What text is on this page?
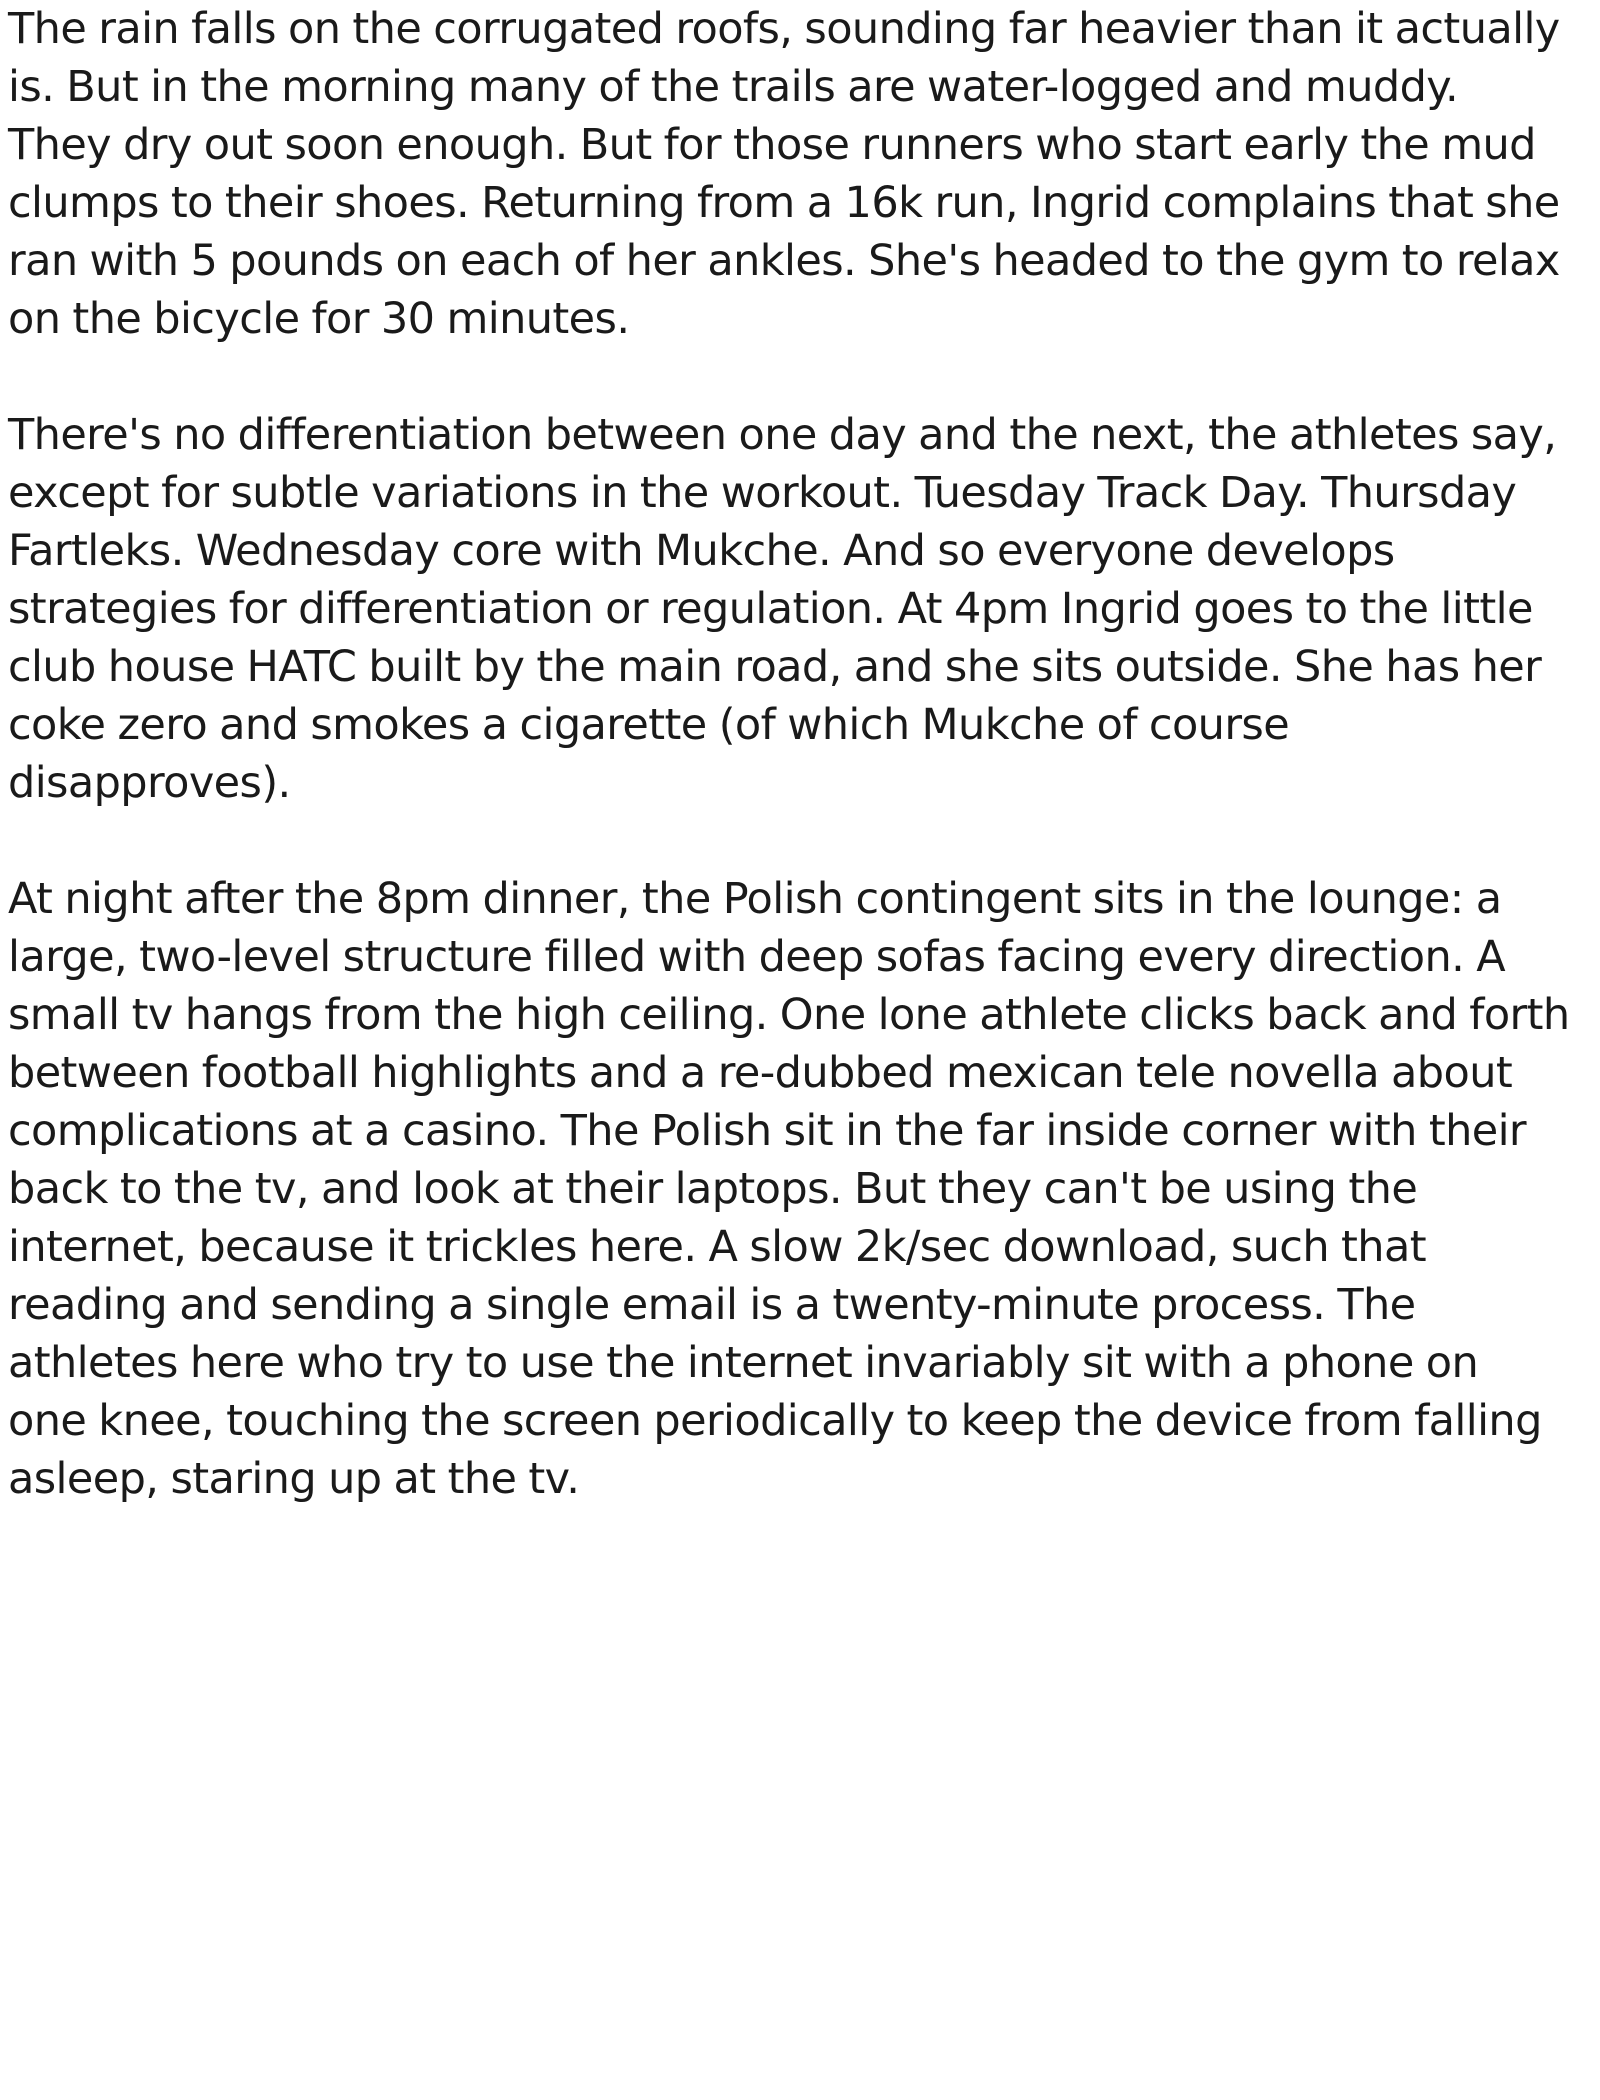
The rain falls on the corrugated roofs, sounding far heavier than it actually
is. But in the morning many of the trails are water-logged and muddy.
They dry out soon enough. But for those runners who start early the mud
clumps to their shoes. Returning from a 16k run, Ingrid complains that she
ran with 5 pounds on each of her ankles. She's headed to the gym to relax
on the bicycle for 30 minutes.
There's no differentiation between one day and the next, the athletes say,
except for subtle variations in the workout. Tuesday Track Day. Thursday
Fartleks. Wednesday core with Mukche. And so everyone develops
strategies for differentiation or regulation. At 4pm Ingrid goes to the little
club house HATC built by the main road, and she sits outside. She has her
coke zero and smokes a cigarette (of which Mukche of course
disapproves).
At night after the 8pm dinner, the Polish contingent sits in the lounge: a
large, two-level structure filled with deep sofas facing every direction. A
small tv hangs from the high ceiling. One lone athlete clicks back and forth
between football highlights and a re-dubbed mexican tele novella about
complications at a casino. The Polish sit in the far inside corner with their
back to the tv, and look at their laptops. But they can't be using the
internet, because it trickles here. A slow 2k/sec download, such that
reading and sending a single email is a twenty-minute process. The
athletes here who try to use the internet invariably sit with a phone on
one knee, touching the screen periodically to keep the device from falling
asleep, staring up at the tv.
